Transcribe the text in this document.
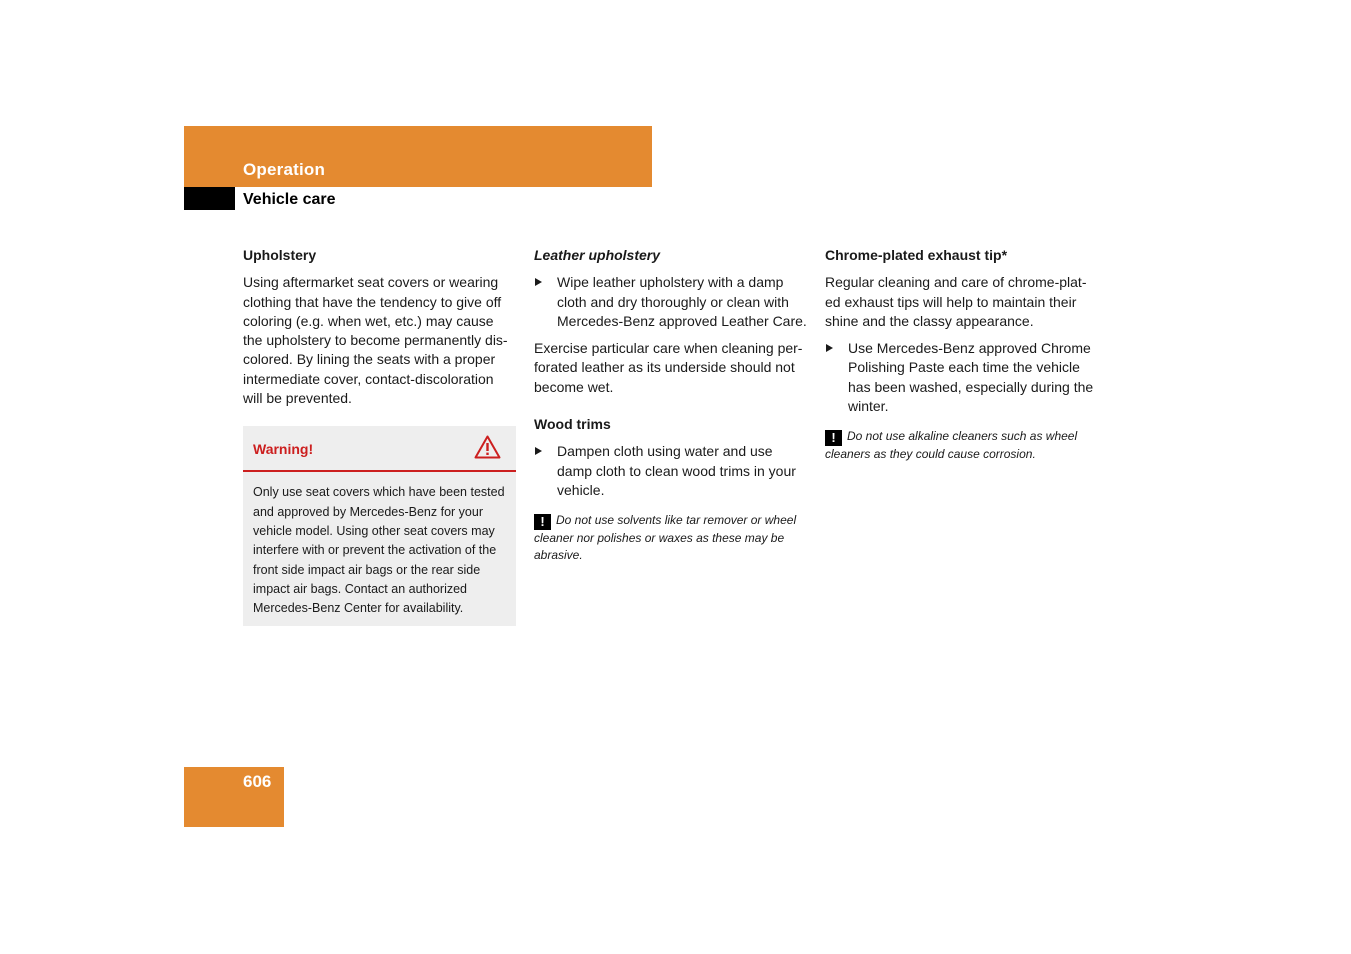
Operation
Vehicle care
Upholstery

Using aftermarket seat covers or wearing clothing that have the tendency to give off coloring (e.g. when wet, etc.) may cause the upholstery to become permanently dis-colored. By lining the seats with a proper intermediate cover, contact-discoloration will be prevented.

Warning!
Only use seat covers which have been tested and approved by Mercedes-Benz for your vehicle model. Using other seat covers may interfere with or prevent the activation of the front side impact air bags or the rear side impact air bags. Contact an authorized Mercedes-Benz Center for availability.
Leather upholstery
Wipe leather upholstery with a damp cloth and dry thoroughly or clean with Mercedes-Benz approved Leather Care.

Exercise particular care when cleaning per-forated leather as its underside should not become wet.

Wood trims
Dampen cloth using water and use damp cloth to clean wood trims in your vehicle.
! Do not use solvents like tar remover or wheel cleaner nor polishes or waxes as these may be abrasive.
Chrome-plated exhaust tip*

Regular cleaning and care of chrome-plat-ed exhaust tips will help to maintain their shine and the classy appearance.

Use Mercedes-Benz approved Chrome Polishing Paste each time the vehicle has been washed, especially during the winter.
! Do not use alkaline cleaners such as wheel cleaners as they could cause corrosion.
606
